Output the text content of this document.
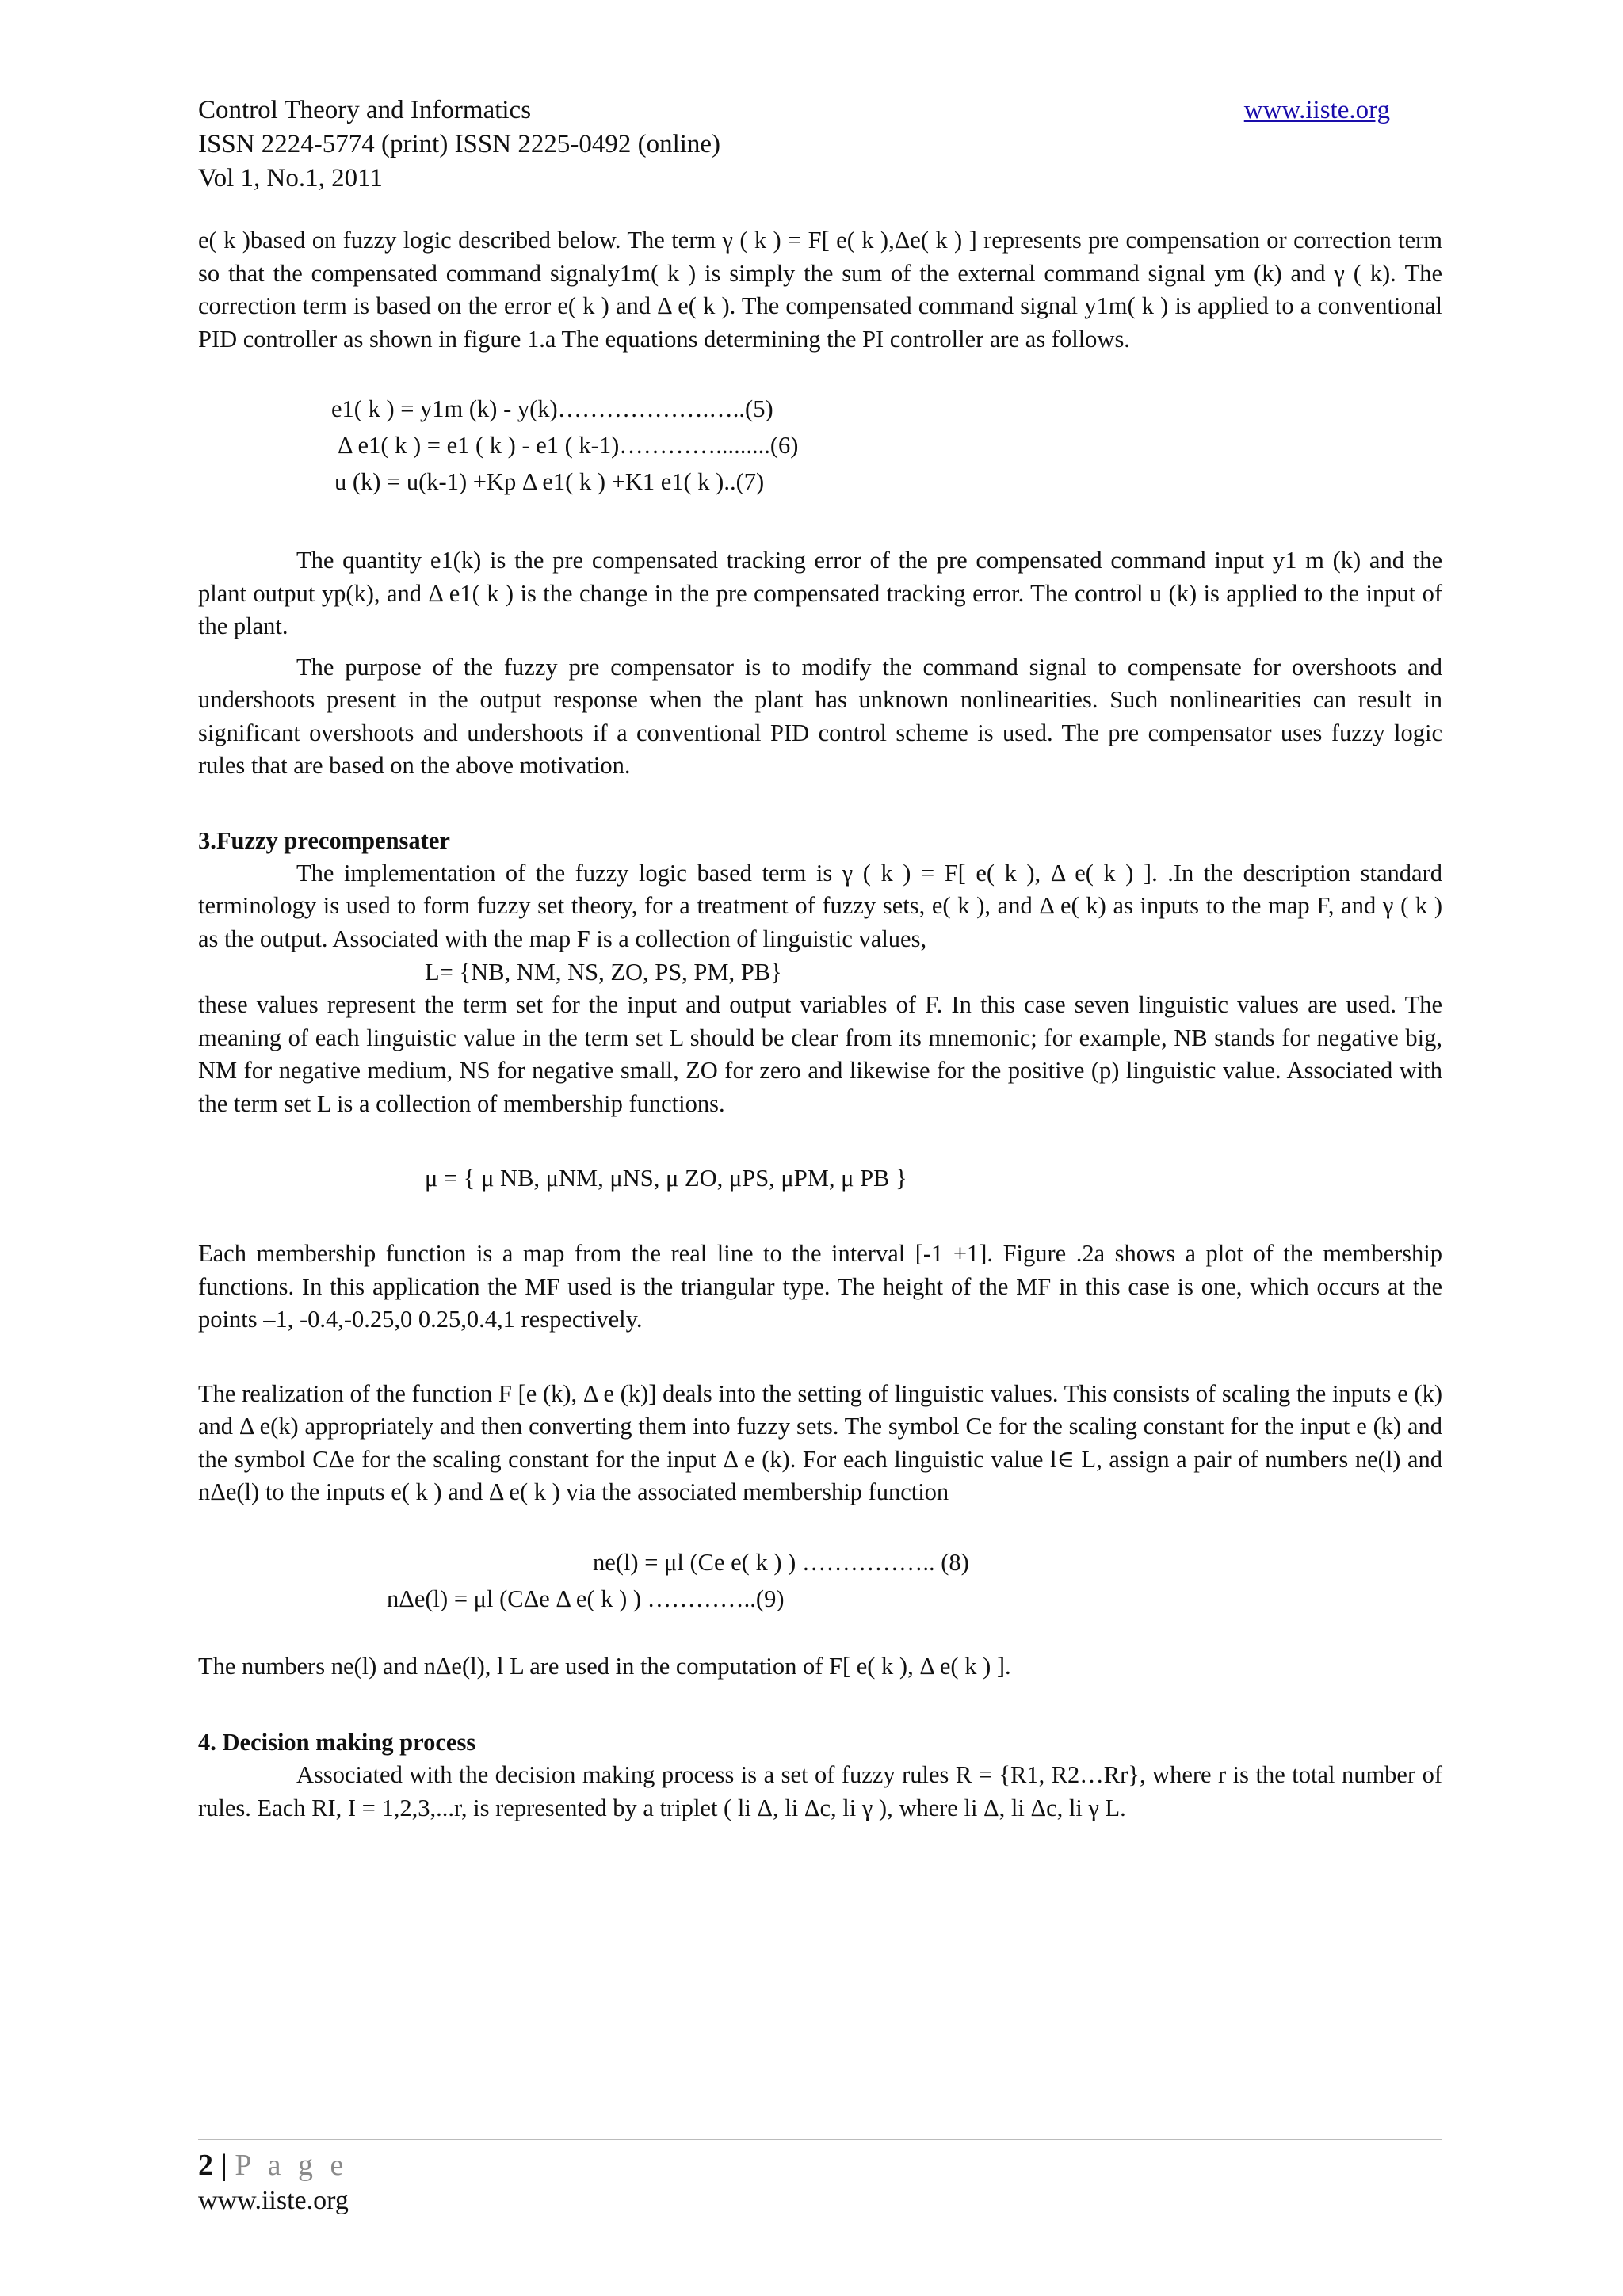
Control Theory and Informatics	www.iiste.org
ISSN 2224-5774 (print) ISSN 2225-0492 (online)
Vol 1, No.1, 2011

e( k )based on fuzzy logic described below. The term γ ( k ) = F[ e( k ),Δe( k ) ] represents pre compensation or correction term so that the compensated command signaly1m( k ) is simply the sum of the external command signal ym (k) and γ ( k). The correction term is based on the error e( k ) and Δ e( k ). The compensated command signal y1m( k ) is applied to a conventional PID controller as shown in figure 1.a The equations determining the PI controller are as follows.

e1( k ) = y1m (k) - y(k)……………….…..(5)
Δ e1( k ) = e1 ( k ) - e1 ( k-1)………….........(6)
u (k) = u(k-1) +Kp Δ e1( k ) +K1 e1( k )..(7)

The quantity e1(k) is the pre compensated tracking error of the pre compensated command input y1 m (k) and the plant output yp(k), and Δ e1( k ) is the change in the pre compensated tracking error. The control u (k) is applied to the input of the plant.

The purpose of the fuzzy pre compensator is to modify the command signal to compensate for overshoots and undershoots present in the output response when the plant has unknown nonlinearities. Such nonlinearities can result in significant overshoots and undershoots if a conventional PID control scheme is used. The pre compensator uses fuzzy logic rules that are based on the above motivation.

3.Fuzzy precompensater

The implementation of the fuzzy logic based term is γ ( k ) = F[ e( k ), Δ e( k ) ]. .In the description standard terminology is used to form fuzzy set theory, for a treatment of fuzzy sets, e( k ), and Δ e( k) as inputs to the map F, and γ ( k ) as the output. Associated with the map F is a collection of linguistic values,

L= {NB, NM, NS, ZO, PS, PM, PB}

these values represent the term set for the input and output variables of F. In this case seven linguistic values are used. The meaning of each linguistic value in the term set L should be clear from its mnemonic; for example, NB stands for negative big, NM for negative medium, NS for negative small, ZO for zero and likewise for the positive (p) linguistic value. Associated with the term set L is a collection of membership functions.

μ = { μ NB, μNM, μNS, μ ZO, μPS, μPM, μ PB }

Each membership function is a map from the real line to the interval [-1 +1]. Figure .2a shows a plot of the membership functions. In this application the MF used is the triangular type. The height of the MF in this case is one, which occurs at the points –1, -0.4,-0.25,0 0.25,0.4,1 respectively.

The realization of the function F [e (k), Δ e (k)] deals into the setting of linguistic values. This consists of scaling the inputs e (k) and Δ e(k) appropriately and then converting them into fuzzy sets. The symbol Ce for the scaling constant for the input e (k) and the symbol CΔe for the scaling constant for the input Δ e (k). For each linguistic value l∈ L, assign a pair of numbers ne(l) and nΔe(l) to the inputs e( k ) and Δ e( k ) via the associated membership function

ne(l) = μl (Ce e( k ) ) …………….. (8)
nΔe(l) = μl (CΔe Δ e( k ) ) …………..(9)

The numbers ne(l) and nΔe(l), l L are used in the computation of F[ e( k ), Δ e( k ) ].

4. Decision making process

Associated with the decision making process is a set of fuzzy rules R = {R1, R2…Rr}, where r is the total number of rules. Each RI, I = 1,2,3,...r, is represented by a triplet ( li Δ, li Δc, li γ ), where li Δ, li Δc, li γ L.

2 | P a g e
www.iiste.org
